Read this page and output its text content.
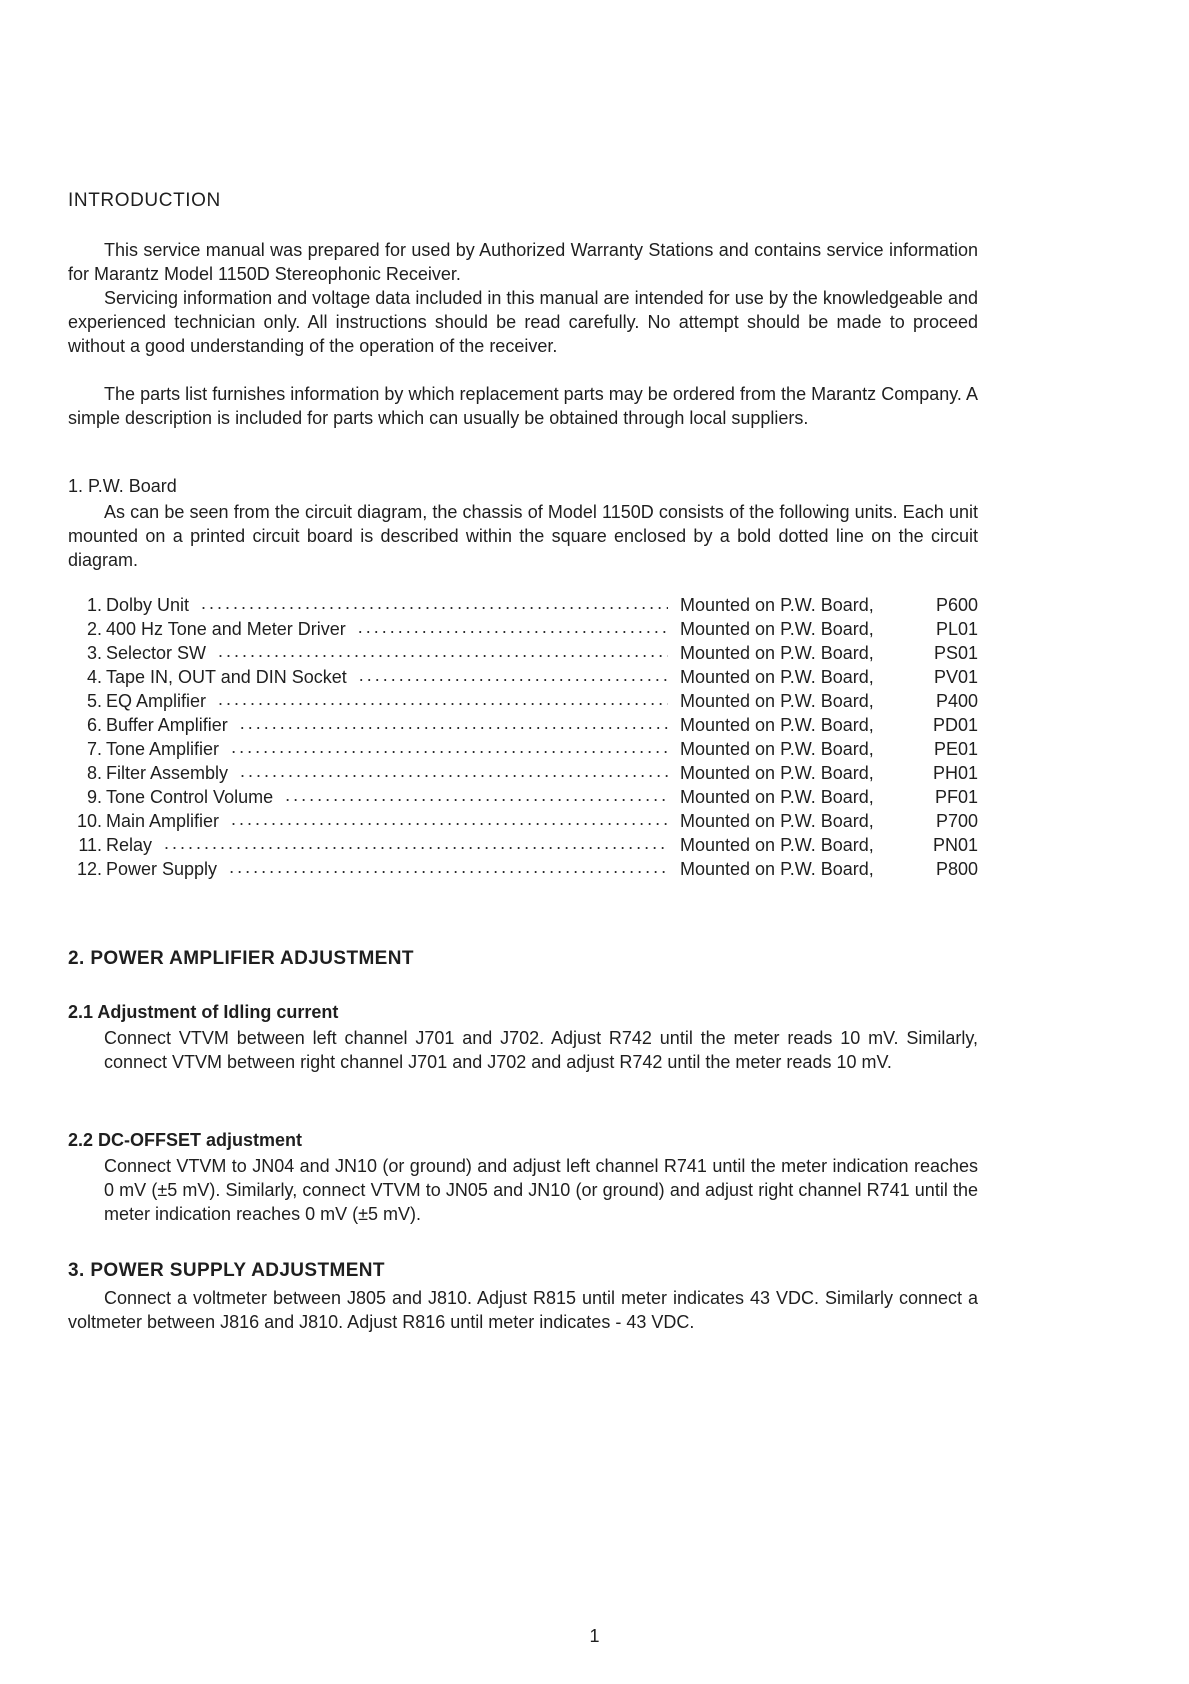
INTRODUCTION

This service manual was prepared for used by Authorized Warranty Stations and contains service information for Marantz Model 1150D Stereophonic Receiver.

Servicing information and voltage data included in this manual are intended for use by the knowledgeable and experienced technician only. All instructions should be read carefully. No attempt should be made to proceed without a good understanding of the operation of the receiver.

The parts list furnishes information by which replacement parts may be ordered from the Marantz Company. A simple description is included for parts which can usually be obtained through local suppliers.

1. P.W. Board

As can be seen from the circuit diagram, the chassis of Model 1150D consists of the following units. Each unit mounted on a printed circuit board is described within the square enclosed by a bold dotted line on the circuit diagram.

1. Dolby Unit .....	Mounted on P.W. Board,	P600
2. 400 Hz Tone and Meter Driver .....	Mounted on P.W. Board,	PL01
3. Selector SW .....	Mounted on P.W. Board,	PS01
4. Tape IN, OUT and DIN Socket .....	Mounted on P.W. Board,	PV01
5. EQ Amplifier .....	Mounted on P.W. Board,	P400
6. Buffer Amplifier .....	Mounted on P.W. Board,	PD01
7. Tone Amplifier .....	Mounted on P.W. Board,	PE01
8. Filter Assembly .....	Mounted on P.W. Board,	PH01
9. Tone Control Volume .....	Mounted on P.W. Board,	PF01
10. Main Amplifier .....	Mounted on P.W. Board,	P700
11. Relay .....	Mounted on P.W. Board,	PN01
12. Power Supply .....	Mounted on P.W. Board,	P800
2. POWER AMPLIFIER ADJUSTMENT
2.1 Adjustment of Idling current

Connect VTVM between left channel J701 and J702. Adjust R742 until the meter reads 10 mV. Similarly, connect VTVM between right channel J701 and J702 and adjust R742 until the meter reads 10 mV.

2.2 DC-OFFSET adjustment

Connect VTVM to JN04 and JN10 (or ground) and adjust left channel R741 until the meter indication reaches 0 mV (±5 mV). Similarly, connect VTVM to JN05 and JN10 (or ground) and adjust right channel R741 until the meter indication reaches 0 mV (±5 mV).

3. POWER SUPPLY ADJUSTMENT

Connect a voltmeter between J805 and J810. Adjust R815 until meter indicates 43 VDC. Similarly connect a voltmeter between J816 and J810. Adjust R816 until meter indicates - 43 VDC.

1
